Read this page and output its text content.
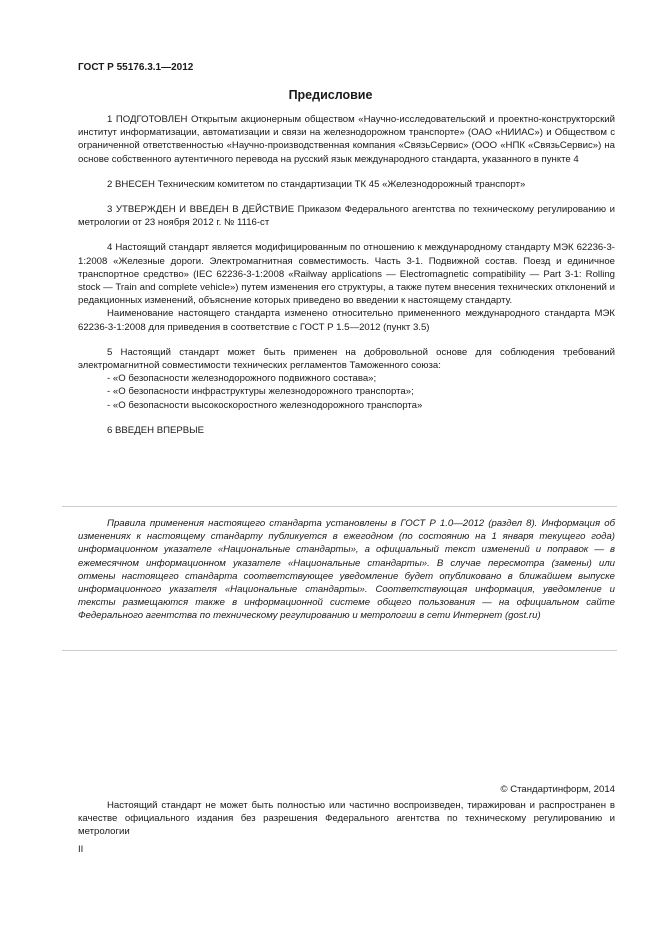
ГОСТ Р 55176.3.1—2012
Предисловие

1 ПОДГОТОВЛЕН Открытым акционерным обществом «Научно-исследовательский и проектно-конструкторский институт информатизации, автоматизации и связи на железнодорожном транспорте» (ОАО «НИИАС») и Обществом с ограниченной ответственностью «Научно-производственная компания «СвязьСервис» (ООО «НПК «СвязьСервис») на основе собственного аутентичного перевода на русский язык международного стандарта, указанного в пункте 4

2 ВНЕСЕН Техническим комитетом по стандартизации ТК 45 «Железнодорожный транспорт»

3 УТВЕРЖДЕН И ВВЕДЕН В ДЕЙСТВИЕ Приказом Федерального агентства по техническому регулированию и метрологии от 23 ноября 2012 г. № 1116-ст

4 Настоящий стандарт является модифицированным по отношению к международному стандарту МЭК 62236-3-1:2008 «Железные дороги. Электромагнитная совместимость. Часть 3-1. Подвижной состав. Поезд и единичное транспортное средство» (IEC 62236-3-1:2008 «Railway applications — Electromagnetic compatibility — Part 3-1: Rolling stock — Train and complete vehicle») путем изменения его структуры, а также путем внесения технических отклонений и редакционных изменений, объяснение которых приведено во введении к настоящему стандарту.

Наименование настоящего стандарта изменено относительно примененного международного стандарта МЭК 62236-3-1:2008 для приведения в соответствие с ГОСТ Р 1.5—2012 (пункт 3.5)

5 Настоящий стандарт может быть применен на добровольной основе для соблюдения требований электромагнитной совместимости технических регламентов Таможенного союза:

- «О безопасности железнодорожного подвижного состава»;

- «О безопасности инфраструктуры железнодорожного транспорта»;

- «О безопасности высокоскоростного железнодорожного транспорта»

6 ВВЕДЕН ВПЕРВЫЕ

Правила применения настоящего стандарта установлены в ГОСТ Р 1.0—2012 (раздел 8). Информация об изменениях к настоящему стандарту публикуется в ежегодном (по состоянию на 1 января текущего года) информационном указателе «Национальные стандарты», а официальный текст изменений и поправок — в ежемесячном информационном указателе «Национальные стандарты». В случае пересмотра (замены) или отмены настоящего стандарта соответствующее уведомление будет опубликовано в ближайшем выпуске информационного указателя «Национальные стандарты». Соответствующая информация, уведомление и тексты размещаются также в информационной системе общего пользования — на официальном сайте Федерального агентства по техническому регулированию и метрологии в сети Интернет (gost.ru)

© Стандартинформ, 2014

Настоящий стандарт не может быть полностью или частично воспроизведен, тиражирован и распространен в качестве официального издания без разрешения Федерального агентства по техническому регулированию и метрологии

II
